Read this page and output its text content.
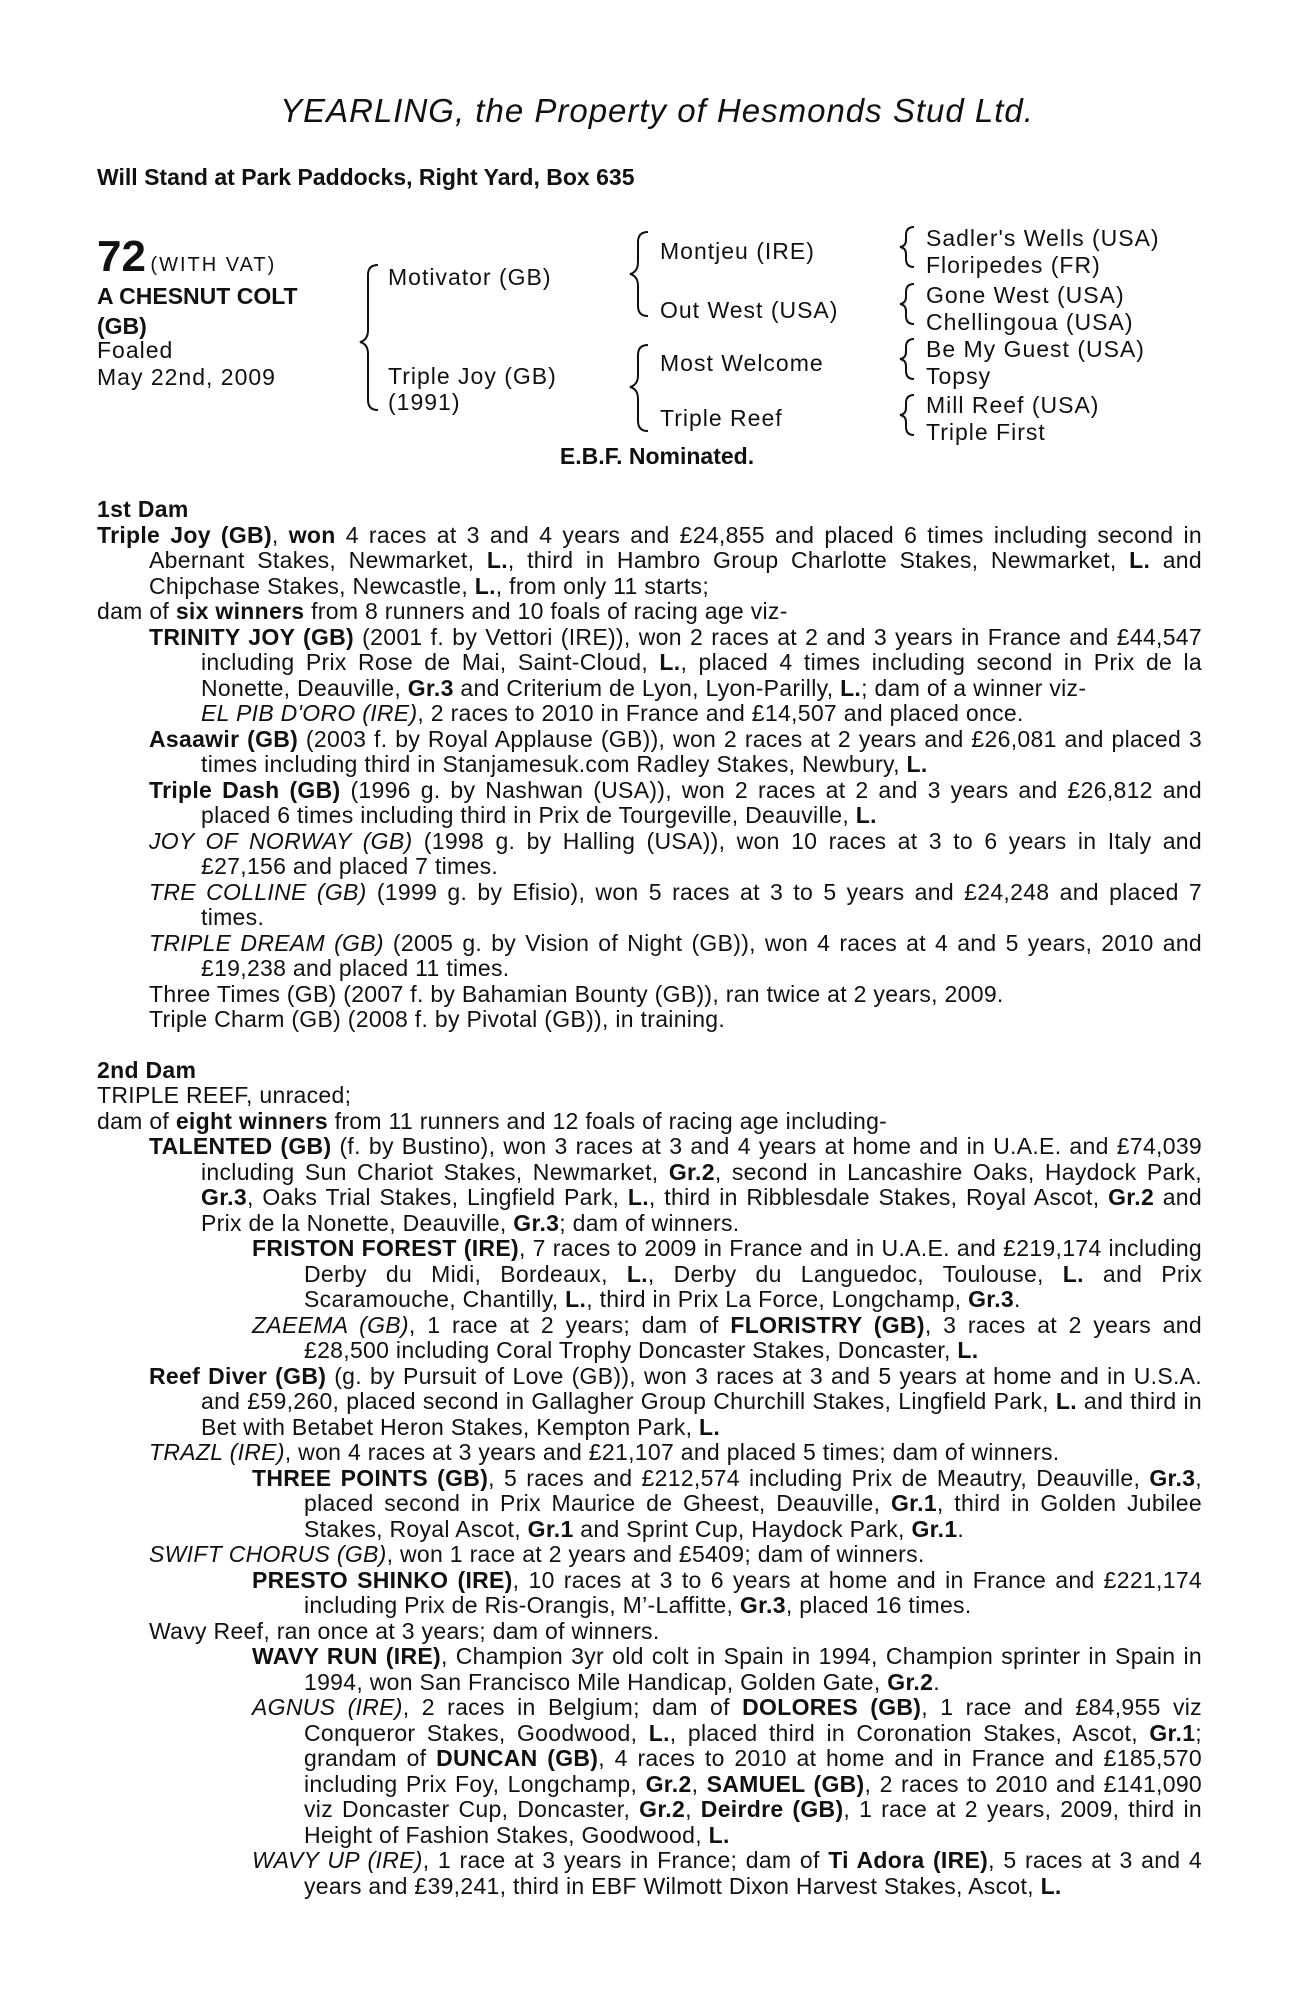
YEARLING, the Property of Hesmonds Stud Ltd.
Will Stand at Park Paddocks, Right Yard, Box 635
72 (WITH VAT)
A CHESNUT COLT
(GB)
Foaled
May 22nd, 2009
Motivator (GB)
Triple Joy (GB)
(1991)
Montjeu (IRE)
Out West (USA)
Most Welcome
Triple Reef
Sadler's Wells (USA)
Floripedes (FR)
Gone West (USA)
Chellingoua (USA)
Be My Guest (USA)
Topsy
Mill Reef (USA)
Triple First
E.B.F. Nominated.

1st Dam

Triple Joy (GB), won 4 races at 3 and 4 years and £24,855 and placed 6 times including second in Abernant Stakes, Newmarket, L., third in Hambro Group Charlotte Stakes, Newmarket, L. and Chipchase Stakes, Newcastle, L., from only 11 starts;

dam of six winners from 8 runners and 10 foals of racing age viz-

TRINITY JOY (GB) (2001 f. by Vettori (IRE)), won 2 races at 2 and 3 years in France and £44,547 including Prix Rose de Mai, Saint-Cloud, L., placed 4 times including second in Prix de la Nonette, Deauville, Gr.3 and Criterium de Lyon, Lyon-Parilly, L.; dam of a winner viz-

EL PIB D'ORO (IRE), 2 races to 2010 in France and £14,507 and placed once.

Asaawir (GB) (2003 f. by Royal Applause (GB)), won 2 races at 2 years and £26,081 and placed 3 times including third in Stanjamesuk.com Radley Stakes, Newbury, L.

Triple Dash (GB) (1996 g. by Nashwan (USA)), won 2 races at 2 and 3 years and £26,812 and placed 6 times including third in Prix de Tourgeville, Deauville, L.

JOY OF NORWAY (GB) (1998 g. by Halling (USA)), won 10 races at 3 to 6 years in Italy and £27,156 and placed 7 times.

TRE COLLINE (GB) (1999 g. by Efisio), won 5 races at 3 to 5 years and £24,248 and placed 7 times.

TRIPLE DREAM (GB) (2005 g. by Vision of Night (GB)), won 4 races at 4 and 5 years, 2010 and £19,238 and placed 11 times.

Three Times (GB) (2007 f. by Bahamian Bounty (GB)), ran twice at 2 years, 2009.

Triple Charm (GB) (2008 f. by Pivotal (GB)), in training.

2nd Dam

TRIPLE REEF, unraced;

dam of eight winners from 11 runners and 12 foals of racing age including-

TALENTED (GB) (f. by Bustino), won 3 races at 3 and 4 years at home and in U.A.E. and £74,039 including Sun Chariot Stakes, Newmarket, Gr.2, second in Lancashire Oaks, Haydock Park, Gr.3, Oaks Trial Stakes, Lingfield Park, L., third in Ribblesdale Stakes, Royal Ascot, Gr.2 and Prix de la Nonette, Deauville, Gr.3; dam of winners.

FRISTON FOREST (IRE), 7 races to 2009 in France and in U.A.E. and £219,174 including Derby du Midi, Bordeaux, L., Derby du Languedoc, Toulouse, L. and Prix Scaramouche, Chantilly, L., third in Prix La Force, Longchamp, Gr.3.

ZAEEMA (GB), 1 race at 2 years; dam of FLORISTRY (GB), 3 races at 2 years and £28,500 including Coral Trophy Doncaster Stakes, Doncaster, L.

Reef Diver (GB) (g. by Pursuit of Love (GB)), won 3 races at 3 and 5 years at home and in U.S.A. and £59,260, placed second in Gallagher Group Churchill Stakes, Lingfield Park, L. and third in Bet with Betabet Heron Stakes, Kempton Park, L.

TRAZL (IRE), won 4 races at 3 years and £21,107 and placed 5 times; dam of winners.

THREE POINTS (GB), 5 races and £212,574 including Prix de Meautry, Deauville, Gr.3, placed second in Prix Maurice de Gheest, Deauville, Gr.1, third in Golden Jubilee Stakes, Royal Ascot, Gr.1 and Sprint Cup, Haydock Park, Gr.1.

SWIFT CHORUS (GB), won 1 race at 2 years and £5409; dam of winners.

PRESTO SHINKO (IRE), 10 races at 3 to 6 years at home and in France and £221,174 including Prix de Ris-Orangis, M’-Laffitte, Gr.3, placed 16 times.

Wavy Reef, ran once at 3 years; dam of winners.

WAVY RUN (IRE), Champion 3yr old colt in Spain in 1994, Champion sprinter in Spain in 1994, won San Francisco Mile Handicap, Golden Gate, Gr.2.

AGNUS (IRE), 2 races in Belgium; dam of DOLORES (GB), 1 race and £84,955 viz Conqueror Stakes, Goodwood, L., placed third in Coronation Stakes, Ascot, Gr.1; grandam of DUNCAN (GB), 4 races to 2010 at home and in France and £185,570 including Prix Foy, Longchamp, Gr.2, SAMUEL (GB), 2 races to 2010 and £141,090 viz Doncaster Cup, Doncaster, Gr.2, Deirdre (GB), 1 race at 2 years, 2009, third in Height of Fashion Stakes, Goodwood, L.

WAVY UP (IRE), 1 race at 3 years in France; dam of Ti Adora (IRE), 5 races at 3 and 4 years and £39,241, third in EBF Wilmott Dixon Harvest Stakes, Ascot, L.
